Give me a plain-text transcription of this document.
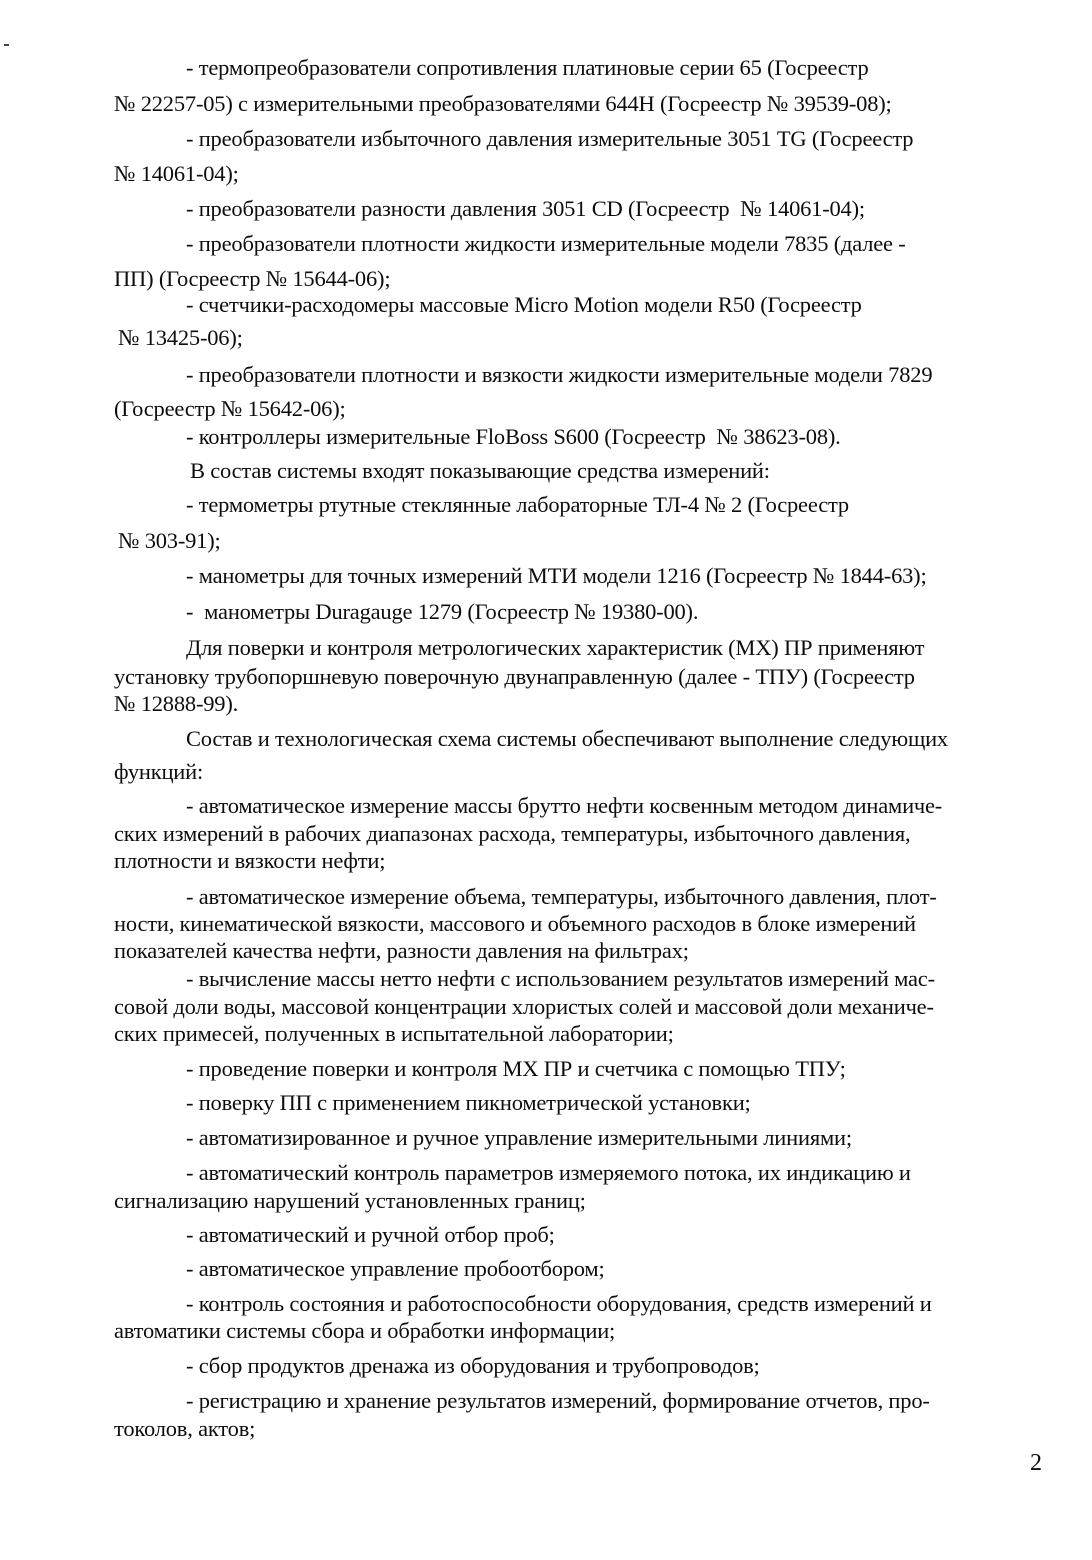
- термопреобразователи сопротивления платиновые серии 65 (Госреестр
№ 22257-05) с измерительными преобразователями 644Н (Госреестр № 39539-08);
- преобразователи избыточного давления измерительные 3051 TG (Госреестр
№ 14061-04);
- преобразователи разности давления 3051 CD (Госреестр  № 14061-04);
- преобразователи плотности жидкости измерительные модели 7835 (далее -
ПП) (Госреестр № 15644-06);
- счетчики-расходомеры массовые Micro Motion модели R50 (Госреестр
№ 13425-06);
- преобразователи плотности и вязкости жидкости измерительные модели 7829
(Госреестр № 15642-06);
- контроллеры измерительные FloBoss S600 (Госреестр  № 38623-08).
В состав системы входят показывающие средства измерений:
- термометры ртутные стеклянные лабораторные ТЛ-4 № 2 (Госреестр
№ 303-91);
- манометры для точных измерений МТИ модели 1216 (Госреестр № 1844-63);
-  манометры Duragauge 1279 (Госреестр № 19380-00).
Для поверки и контроля метрологических характеристик (МХ) ПР применяют
установку трубопоршневую поверочную двунаправленную (далее - ТПУ) (Госреестр
№ 12888-99).
Состав и технологическая схема системы обеспечивают выполнение следующих
функций:
- автоматическое измерение массы брутто нефти косвенным методом динамиче-
ских измерений в рабочих диапазонах расхода, температуры, избыточного давления,
плотности и вязкости нефти;
- автоматическое измерение объема, температуры, избыточного давления, плот-
ности, кинематической вязкости, массового и объемного расходов в блоке измерений
показателей качества нефти, разности давления на фильтрах;
- вычисление массы нетто нефти с использованием результатов измерений мас-
совой доли воды, массовой концентрации хлористых солей и массовой доли механиче-
ских примесей, полученных в испытательной лаборатории;
- проведение поверки и контроля МХ ПР и счетчика с помощью ТПУ;
- поверку ПП с применением пикнометрической установки;
- автоматизированное и ручное управление измерительными линиями;
- автоматический контроль параметров измеряемого потока, их индикацию и
сигнализацию нарушений установленных границ;
- автоматический и ручной отбор проб;
- автоматическое управление пробоотбором;
- контроль состояния и работоспособности оборудования, средств измерений и
автоматики системы сбора и обработки информации;
- сбор продуктов дренажа из оборудования и трубопроводов;
- регистрацию и хранение результатов измерений, формирование отчетов, про-
токолов, актов;
2
